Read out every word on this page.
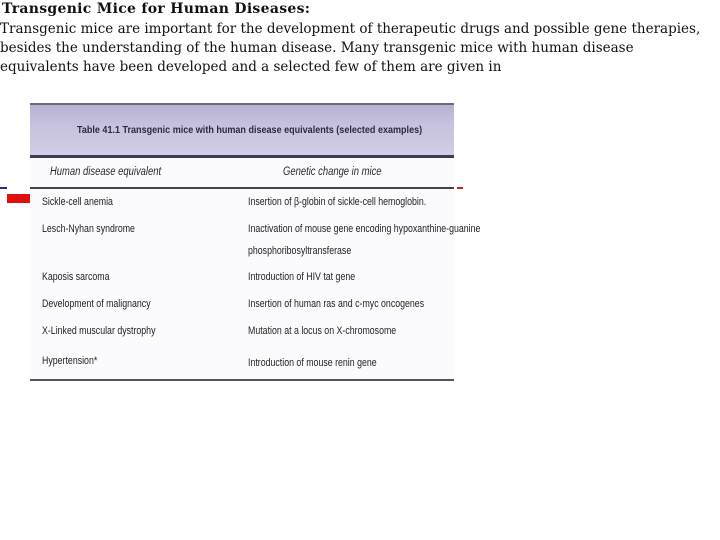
Transgenic Mice for Human Diseases:
Transgenic mice are important for the development of therapeutic drugs and possible gene therapies, besides the understanding of the human disease. Many transgenic mice with human disease equivalents have been developed and a selected few of them are given in
Table 41.1 Transgenic mice with human disease equivalents (selected examples)
Human disease equivalent	Genetic change in mice
Sickle-cell anemia	Insertion of β-globin of sickle-cell hemoglobin.
Lesch-Nyhan syndrome	Inactivation of mouse gene encoding hypoxanthine-guanine
phosphoribosyltransferase
Kaposis sarcoma	Introduction of HIV tat gene
Development of malignancy	Insertion of human ras and c-myc oncogenes
X-Linked muscular dystrophy	Mutation at a locus on X-chromosome
Hypertension*	Introduction of mouse renin gene
